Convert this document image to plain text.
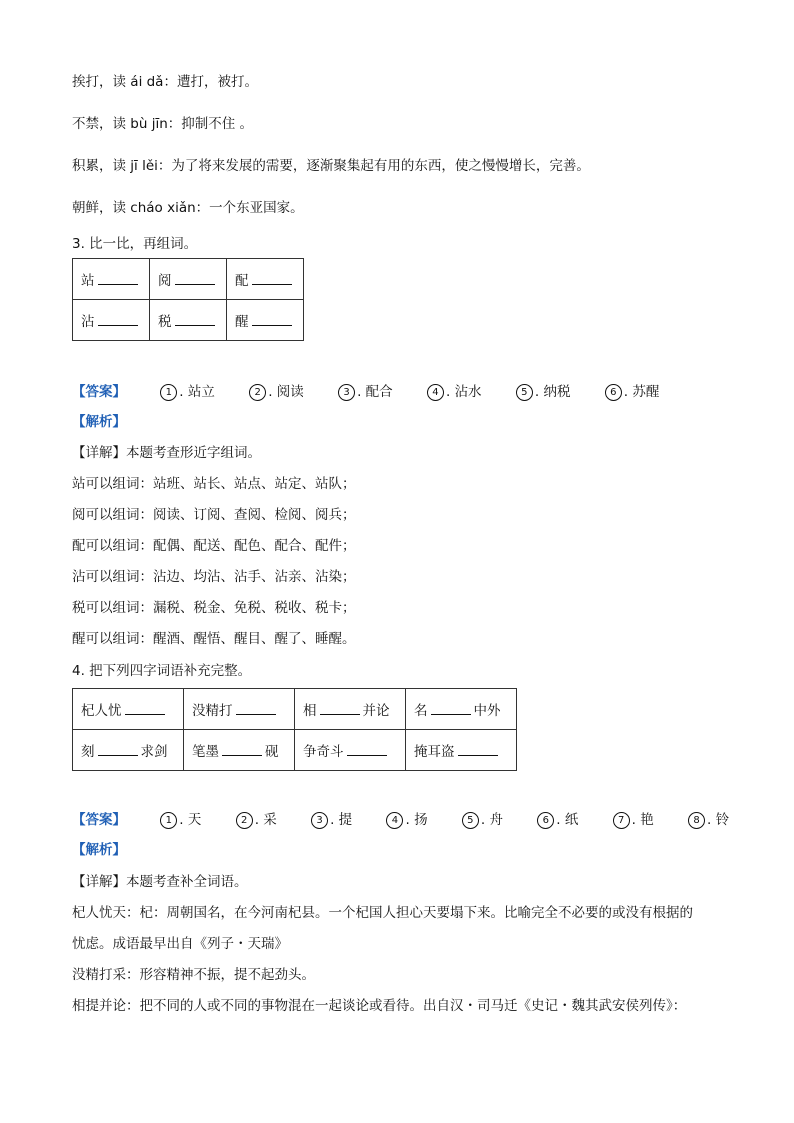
挨打，读 ái dǎ：遭打，被打。
不禁，读 bù jīn：抑制不住 。
积累，读 jī lěi：为了将来发展的需要，逐渐聚集起有用的东西，使之慢慢增长，完善。
朝鲜，读 cháo xiǎn：一个东亚国家。
3. 比一比，再组词。
站	阅	配
沾	税	醒
【答案】	1 . 站立	2 . 阅读	3 . 配合	4 . 沾水	5 . 纳税	6 . 苏醒
【解析】
【详解】本题考查形近字组词。
站可以组词：站班、站长、站点、站定、站队；
阅可以组词：阅读、订阅、查阅、检阅、阅兵；
配可以组词：配偶、配送、配色、配合、配件；
沾可以组词：沾边、均沾、沾手、沾亲、沾染；
税可以组词：漏税、税金、免税、税收、税卡；
醒可以组词：醒酒、醒悟、醒目、醒了、睡醒。
4. 把下列四字词语补充完整。
杞人忧	没精打	相 并论	名 中外
刻 求剑	笔墨 砚	争奇斗	掩耳盗
【答案】	1 . 天	2 . 采	3 . 提	4 . 扬	5 . 舟	6 . 纸	7 . 艳	8 . 铃
【解析】
【详解】本题考查补全词语。
杞人忧天：杞：周朝国名，在今河南杞县。一个杞国人担心天要塌下来。比喻完全不必要的或没有根据的
忧虑。成语最早出自《列子・天瑞》
没精打采：形容精神不振，提不起劲头。
相提并论：把不同的人或不同的事物混在一起谈论或看待。出自汉・司马迁《史记・魏其武安侯列传》：
